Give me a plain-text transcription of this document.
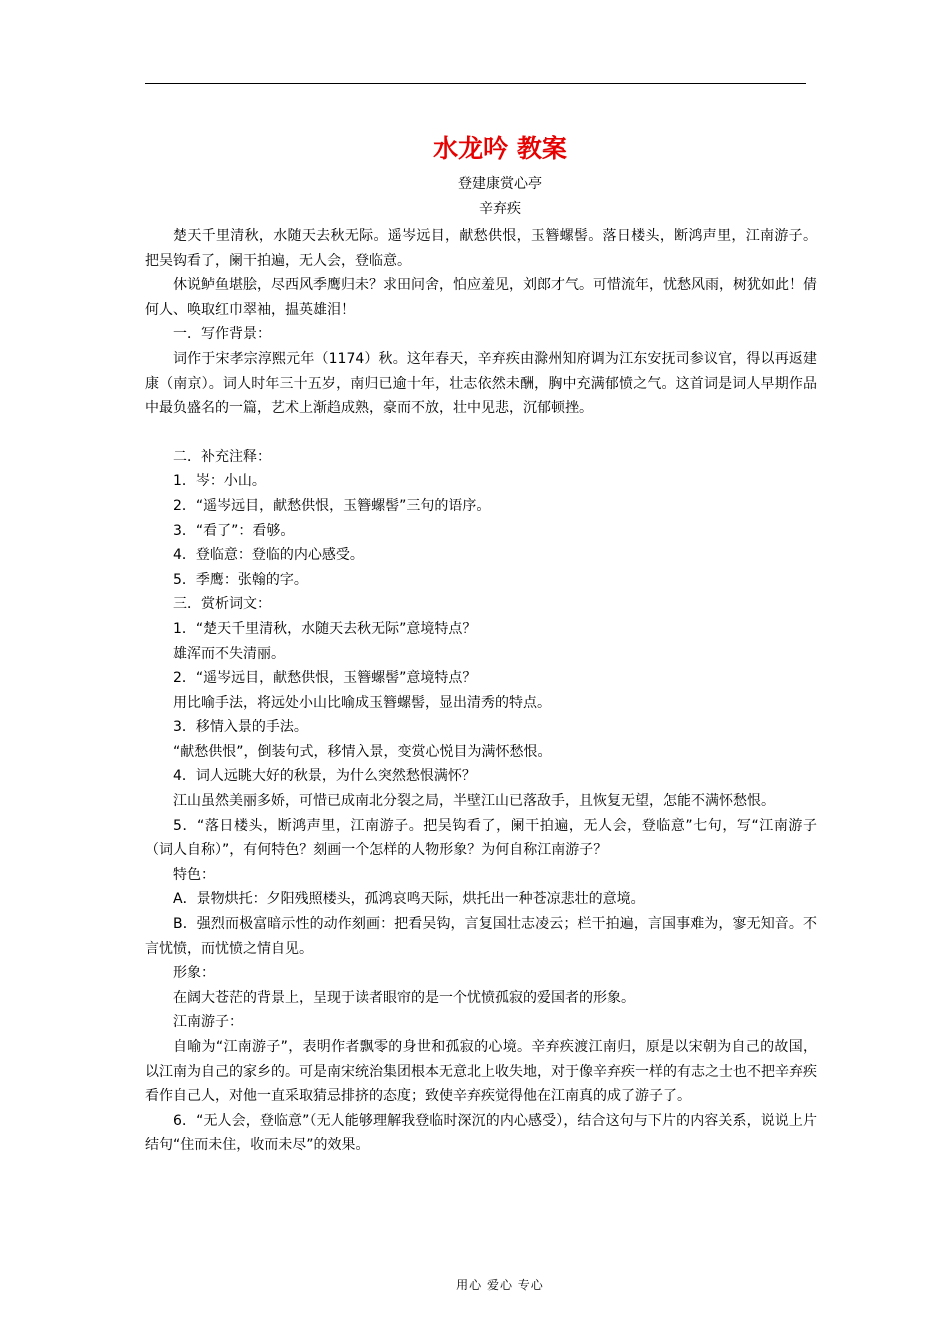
水龙吟 教案
登建康赏心亭
辛弃疾

楚天千里清秋，水随天去秋无际。遥岑远目，献愁供恨，玉簪螺髻。落日楼头，断鸿声里，江南游子。 把吴钩看了，阑干拍遍，无人会，登临意。

休说鲈鱼堪脍，尽西风季鹰归未？求田问舍，怕应羞见，刘郎才气。可惜流年，忧愁风雨，树犹如此！倩何人、唤取红巾翠袖，揾英雄泪！

一．写作背景：

词作于宋孝宗淳熙元年（1174）秋。这年春天，辛弃疾由滁州知府调为江东安抚司参议官，得以再返建康（南京）。词人时年三十五岁，南归已逾十年，壮志依然未酬，胸中充满郁愤之气。这首词是词人早期作品中最负盛名的一篇，艺术上渐趋成熟，豪而不放，壮中见悲，沉郁顿挫。

二．补充注释：

1．岑：小山。

2．“遥岑远目，献愁供恨，玉簪螺髻”三句的语序。

3．“看了”：看够。

4．登临意：登临的内心感受。

5．季鹰：张翰的字。

三．赏析词文：

1．“楚天千里清秋，水随天去秋无际”意境特点？

雄浑而不失清丽。

2．“遥岑远目，献愁供恨，玉簪螺髻”意境特点？

用比喻手法，将远处小山比喻成玉簪螺髻，显出清秀的特点。

3．移情入景的手法。

“献愁供恨”，倒装句式，移情入景，变赏心悦目为满怀愁恨。

4．词人远眺大好的秋景，为什么突然愁恨满怀？

江山虽然美丽多娇，可惜已成南北分裂之局，半壁江山已落敌手，且恢复无望，怎能不满怀愁恨。

5．“落日楼头，断鸿声里，江南游子。把吴钩看了，阑干拍遍，无人会，登临意”七句，写“江南游子（词人自称）”，有何特色？刻画一个怎样的人物形象？为何自称江南游子？

特色：

A．景物烘托：夕阳残照楼头，孤鸿哀鸣天际，烘托出一种苍凉悲壮的意境。

B．强烈而极富暗示性的动作刻画：把看吴钩，言复国壮志凌云；栏干拍遍，言国事难为，寥无知音。不言忧愤，而忧愤之情自见。

形象：

在阔大苍茫的背景上，呈现于读者眼帘的是一个忧愤孤寂的爱国者的形象。

江南游子：

自喻为“江南游子”，表明作者飘零的身世和孤寂的心境。辛弃疾渡江南归，原是以宋朝为自己的故国，以江南为自己的家乡的。可是南宋统治集团根本无意北上收失地，对于像辛弃疾一样的有志之士也不把辛弃疾看作自己人，对他一直采取猜忌排挤的态度；致使辛弃疾觉得他在江南真的成了游子了。

6．“无人会，登临意”（无人能够理解我登临时深沉的内心感受），结合这句与下片的内容关系，说说上片结句“住而未住，收而未尽”的效果。

用心 爱心 专心
